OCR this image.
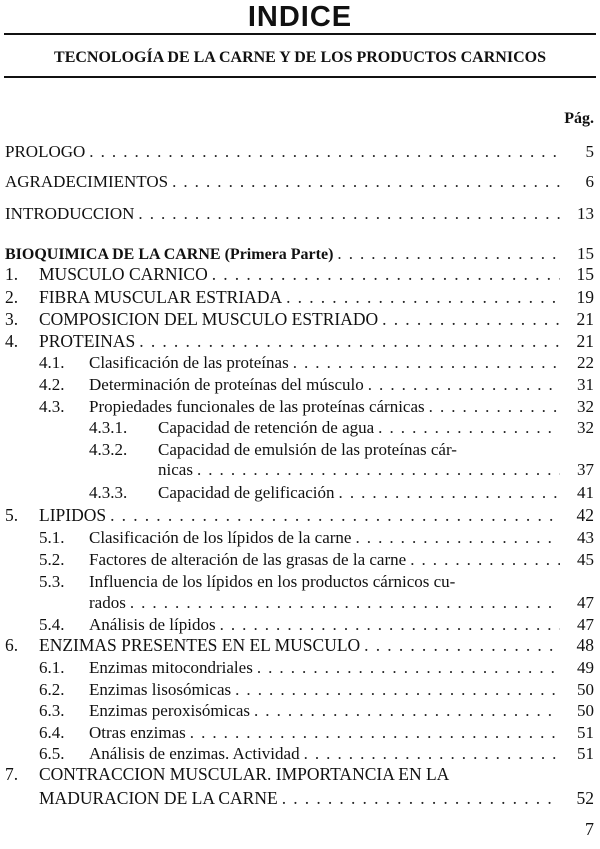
INDICE
TECNOLOGÍA DE LA CARNE Y DE LOS PRODUCTOS CARNICOS
Pág.
PROLOGO . . .	5
AGRADECIMIENTOS . . .	6
INTRODUCCION . . .	13
BIOQUIMICA DE LA CARNE (Primera Parte) . . .	15
1. MUSCULO CARNICO . . .	15
2. FIBRA MUSCULAR ESTRIADA . . .	19
3. COMPOSICION DEL MUSCULO ESTRIADO . . .	21
4. PROTEINAS . . .	21
4.1. Clasificación de las proteínas . . .	22
4.2. Determinación de proteínas del músculo . . .	31
4.3. Propiedades funcionales de las proteínas cárnicas . . .	32
4.3.1. Capacidad de retención de agua . . .	32
4.3.2. Capacidad de emulsión de las proteínas cár-
nicas . . .	37
4.3.3. Capacidad de gelificación . . .	41
5. LIPIDOS . . .	42
5.1. Clasificación de los lípidos de la carne . . .	43
5.2. Factores de alteración de las grasas de la carne . . .	45
5.3. Influencia de los lípidos en los productos cárnicos cu-
rados . . .	47
5.4. Análisis de lípidos . . .	47
6. ENZIMAS PRESENTES EN EL MUSCULO . . .	48
6.1. Enzimas mitocondriales . . .	49
6.2. Enzimas lisosómicas . . .	50
6.3. Enzimas peroxisómicas . . .	50
6.4. Otras enzimas . . .	51
6.5. Análisis de enzimas. Actividad . . .	51
7. CONTRACCION MUSCULAR. IMPORTANCIA EN LA
MADURACION DE LA CARNE . . .	52
7
